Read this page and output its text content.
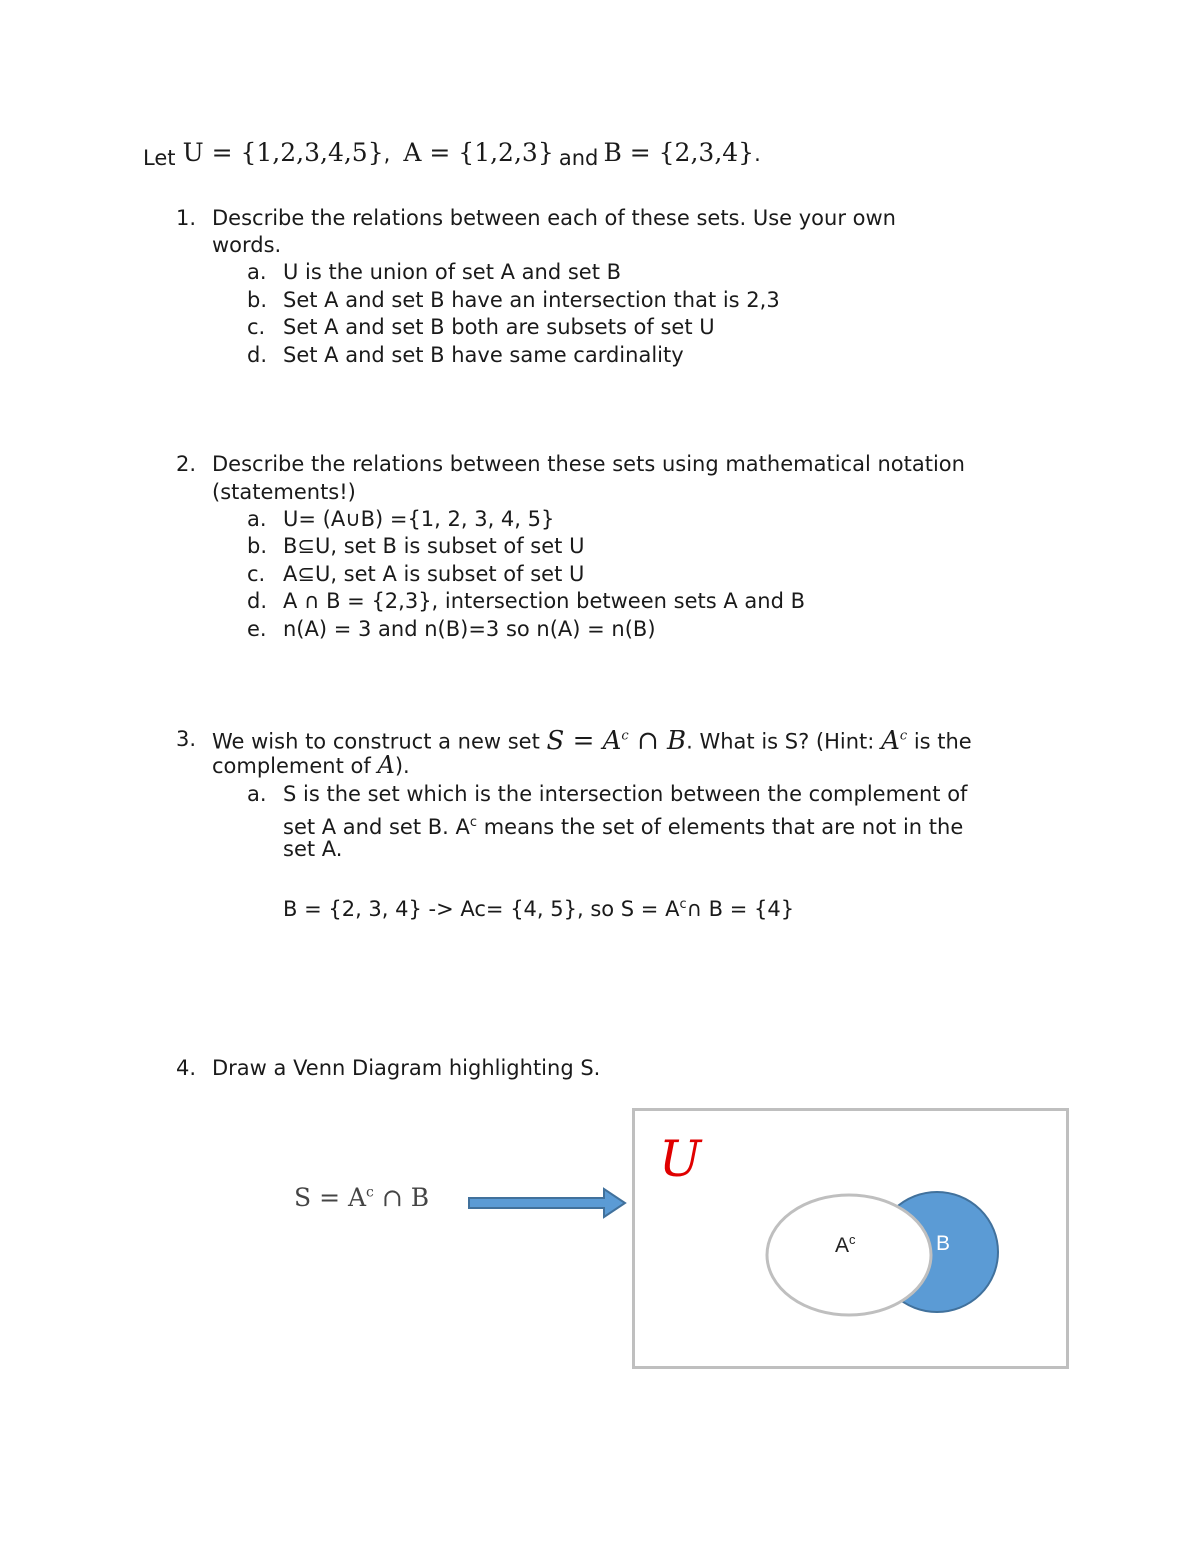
Let U = {1,2,3,4,5}, A = {1,2,3} and B = {2,3,4}.
1. Describe the relations between each of these sets. Use your own
words.
a. U is the union of set A and set B
b. Set A and set B have an intersection that is 2,3
c. Set A and set B both are subsets of set U
d. Set A and set B have same cardinality
2. Describe the relations between these sets using mathematical notation
(statements!)
a. U= (A∪B) ={1, 2, 3, 4, 5}
b. B⊆U, set B is subset of set U
c. A⊆U, set A is subset of set U
d. A ∩ B = {2,3}, intersection between sets A and B
e. n(A) = 3 and n(B)=3 so n(A) = n(B)
3. We wish to construct a new set $S = A^c$ ∩ B. What is S? (Hint: $A^c$ is the
complement of A).
a. S is the set which is the intersection between the complement of
set A and set B. $A^c$ means the set of elements that are not in the
set A.
B = {2, 3, 4} -> Ac= {4, 5}, so $S = A^c\cap$ B = {4}
4. Draw a Venn Diagram highlighting S.
$S = A^c$ ∩ B
U
$A^c$	B
